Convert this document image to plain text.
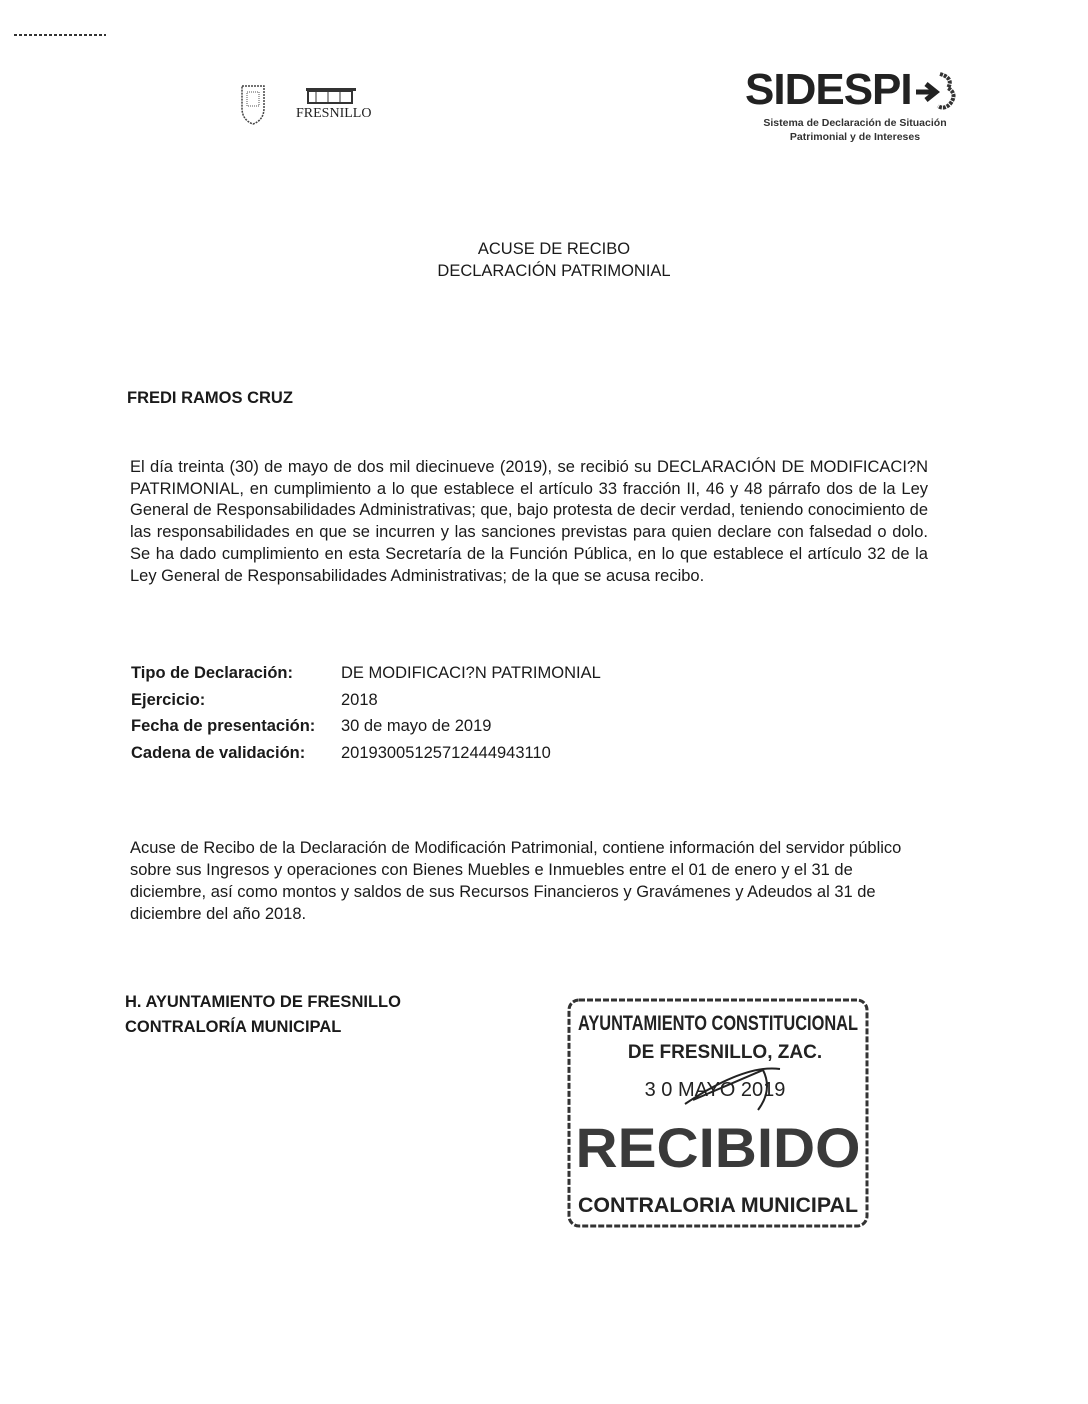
FRESNILLO	SIDESPI
Sistema de Declaración de Situación
Patrimonial y de Intereses
ACUSE DE RECIBO
DECLARACIÓN PATRIMONIAL
FREDI RAMOS CRUZ
El día treinta (30) de mayo de dos mil diecinueve (2019), se recibió su DECLARACIÓN DE MODIFICACI?N PATRIMONIAL, en cumplimiento a lo que establece el artículo 33 fracción II, 46 y 48 párrafo dos de la Ley General de Responsabilidades Administrativas; que, bajo protesta de decir verdad, teniendo conocimiento de las responsabilidades en que se incurren y las sanciones previstas para quien declare con falsedad o dolo. Se ha dado cumplimiento en esta Secretaría de la Función Pública, en lo que establece el artículo 32 de la Ley General de Responsabilidades Administrativas; de la que se acusa recibo.
Tipo de Declaración:	DE MODIFICACI?N PATRIMONIAL
Ejercicio:	2018
Fecha de presentación:	30 de mayo de 2019
Cadena de validación:	20193005125712444943110
Acuse de Recibo de la Declaración de Modificación Patrimonial, contiene información del servidor público sobre sus Ingresos y operaciones con Bienes Muebles e Inmuebles entre el 01 de enero y el 31 de diciembre, así como montos y saldos de sus Recursos Financieros y Gravámenes y Adeudos al 31 de diciembre del año 2018.
H. AYUNTAMIENTO DE FRESNILLO
CONTRALORÍA MUNICIPAL	AYUNTAMIENTO CONSTITUCIONAL
DE FRESNILLO, ZAC.
3 0 MAYO 2019
RECIBIDO
CONTRALORIA MUNICIPAL
